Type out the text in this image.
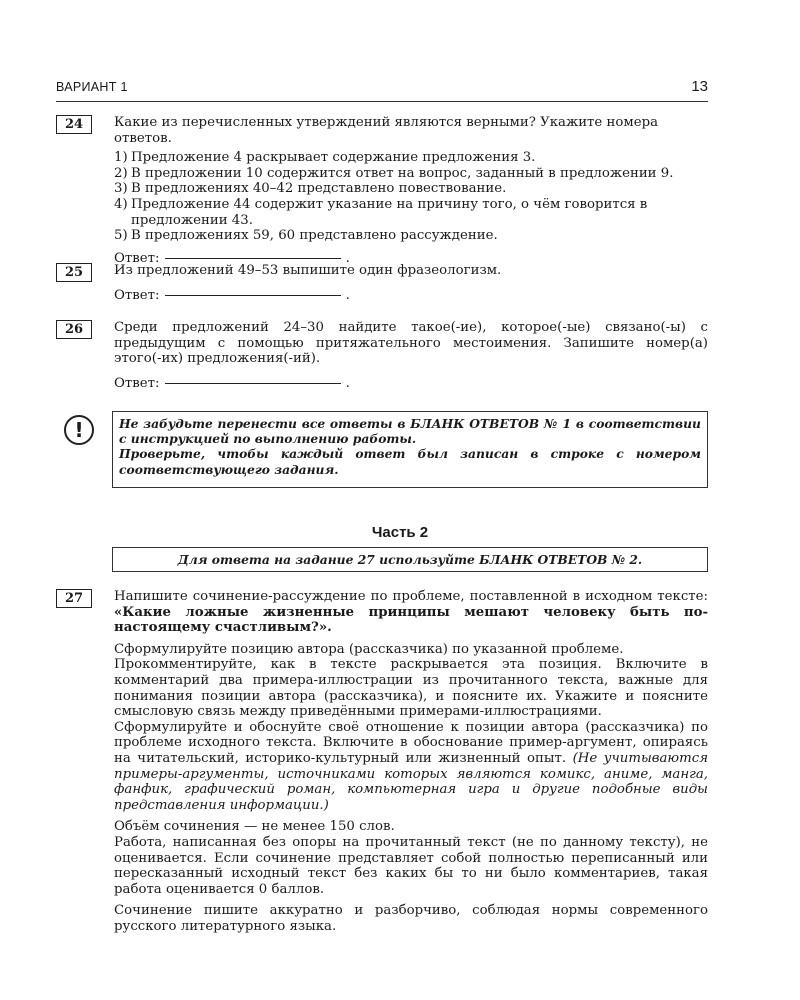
ВАРИАНТ 1	13
24	Какие из перечисленных утверждений являются верными? Укажите номера ответов.

1) Предложение 4 раскрывает содержание предложения 3.
2) В предложении 10 содержится ответ на вопрос, заданный в предложении 9.
3) В предложениях 40–42 представлено повествование.
4) Предложение 44 содержит указание на причину того, о чём говорится в предложении 43.
5) В предложениях 59, 60 представлено рассуждение.
Ответ:	.
25	Из предложений 49–53 выпишите один фразеологизм.

Ответ:	.
26	Среди предложений 24–30 найдите такое(-ие), которое(-ые) связано(-ы) с предыдущим с помощью притяжательного местоимения. Запишите номер(а) этого(-их) предложения(-ий).

Ответ:	.
!	Не забудьте перенести все ответы в БЛАНК ОТВЕТОВ № 1 в соответствии с инструкцией по выполнению работы.
Проверьте, чтобы каждый ответ был записан в строке с номером соответствующего задания.
Часть 2
Для ответа на задание 27 используйте БЛАНК ОТВЕТОВ № 2.
27	Напишите сочинение-рассуждение по проблеме, поставленной в исходном тексте: «Какие ложные жизненные принципы мешают человеку быть по-настоящему счастливым?».

Сформулируйте позицию автора (рассказчика) по указанной проблеме.

Прокомментируйте, как в тексте раскрывается эта позиция. Включите в комментарий два примера-иллюстрации из прочитанного текста, важные для понимания позиции автора (рассказчика), и поясните их. Укажите и поясните смысловую связь между приведёнными примерами-иллюстрациями.

Сформулируйте и обоснуйте своё отношение к позиции автора (рассказчика) по проблеме исходного текста. Включите в обоснование пример-аргумент, опираясь на читательский, историко-культурный или жизненный опыт. (Не учитываются примеры-аргументы, источниками которых являются комикс, аниме, манга, фанфик, графический роман, компьютерная игра и другие подобные виды представления информации.)

Объём сочинения — не менее 150 слов.

Работа, написанная без опоры на прочитанный текст (не по данному тексту), не оценивается. Если сочинение представляет собой полностью переписанный или пересказанный исходный текст без каких бы то ни было комментариев, такая работа оценивается 0 баллов.

Сочинение пишите аккуратно и разборчиво, соблюдая нормы современного русского литературного языка.
